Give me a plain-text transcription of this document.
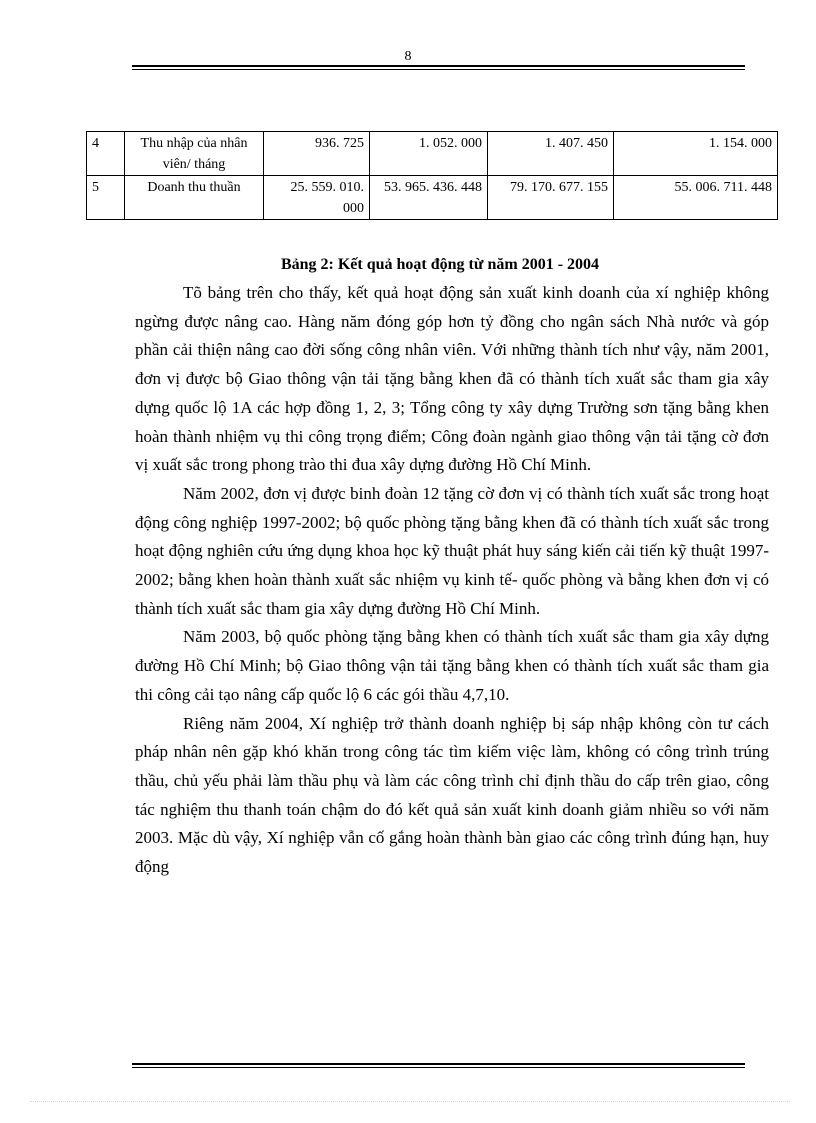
8
4	Thu nhập của nhân viên/ tháng	936. 725	1. 052. 000	1. 407. 450	1. 154. 000
5	Doanh thu thuần	25. 559. 010. 000	53. 965. 436. 448	79. 170. 677. 155	55. 006. 711. 448
Bảng 2: Kết quả hoạt động từ năm 2001 - 2004

Tõ bảng trên cho thấy, kết quả hoạt động sản xuất kinh doanh của xí nghiệp không ngừng được nâng cao. Hàng năm đóng góp hơn tỷ đồng cho ngân sách Nhà nước và góp phần cải thiện nâng cao đời sống công nhân viên. Với những thành tích như vậy, năm 2001, đơn vị được bộ Giao thông vận tải tặng bằng khen đã có thành tích xuất sắc tham gia xây dựng quốc lộ 1A các hợp đồng 1, 2, 3; Tổng công ty xây dựng Trường sơn tặng bằng khen hoàn thành nhiệm vụ thi công trọng điểm; Công đoàn ngành giao thông vận tải tặng cờ đơn vị xuất sắc trong phong trào thi đua xây dựng đường Hồ Chí Minh.

Năm 2002, đơn vị được binh đoàn 12 tặng cờ đơn vị có thành tích xuất sắc trong hoạt động công nghiệp 1997-2002; bộ quốc phòng tặng bằng khen đã có thành tích xuất sắc trong hoạt động nghiên cứu ứng dụng khoa học kỹ thuật phát huy sáng kiến cải tiến kỹ thuật 1997-2002; bằng khen hoàn thành xuất sắc nhiệm vụ kinh tế- quốc phòng và bằng khen đơn vị có thành tích xuất sắc tham gia xây dựng đường Hồ Chí Minh.

Năm 2003, bộ quốc phòng tặng bằng khen có thành tích xuất sắc tham gia xây dựng đường Hồ Chí Minh; bộ Giao thông vận tải tặng bằng khen có thành tích xuất sắc tham gia thi công cải tạo nâng cấp quốc lộ 6 các gói thầu 4,7,10.

Riêng năm 2004, Xí nghiệp trở thành doanh nghiệp bị sáp nhập không còn tư cách pháp nhân nên gặp khó khăn trong công tác tìm kiếm việc làm, không có công trình trúng thầu, chủ yếu phải làm thầu phụ và làm các công trình chỉ định thầu do cấp trên giao, công tác nghiệm thu thanh toán chậm do đó kết quả sản xuất kinh doanh giảm nhiều so với năm 2003. Mặc dù vậy, Xí nghiệp vẫn cố gắng hoàn thành bàn giao các công trình đúng hạn, huy động
